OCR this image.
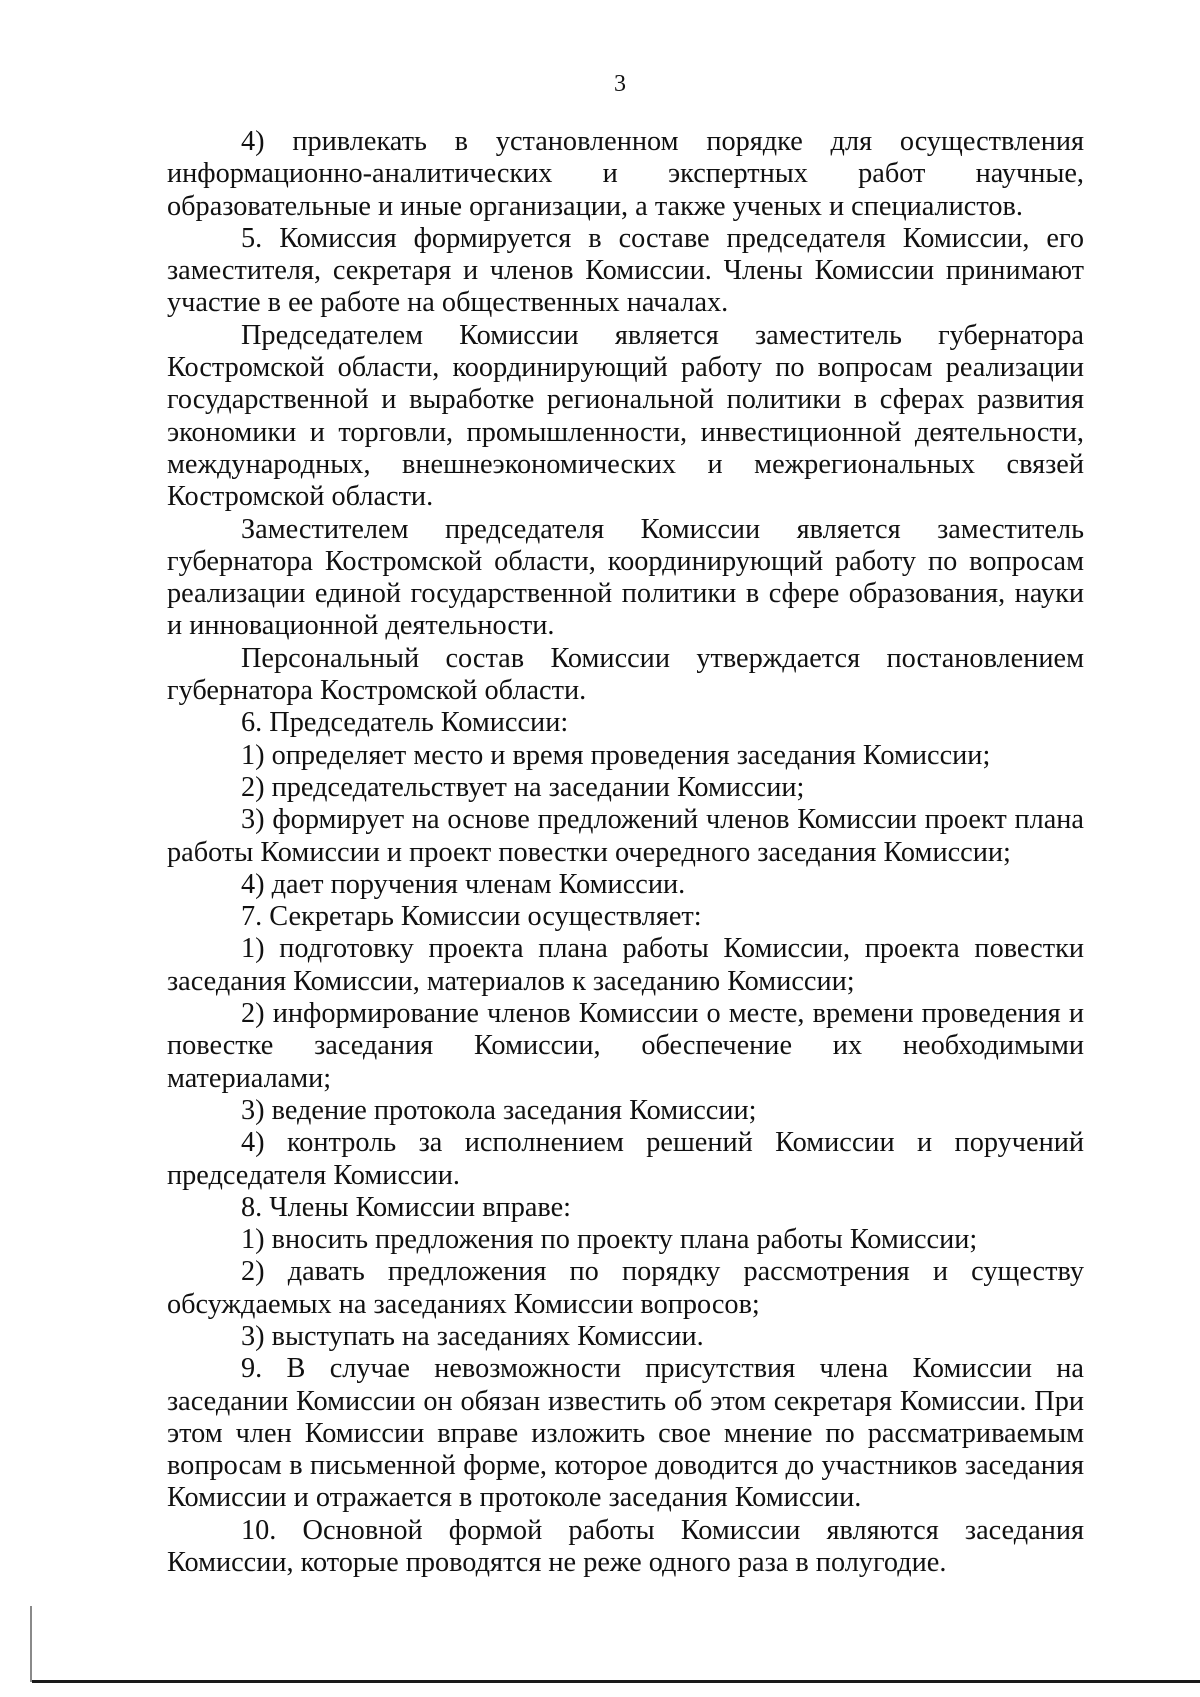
3

4) привлекать в установленном порядке для осуществления информационно-аналитических и экспертных работ научные, образовательные и иные организации, а также ученых и специалистов.

5. Комиссия формируется в составе председателя Комиссии, его заместителя, секретаря и членов Комиссии. Члены Комиссии принимают участие в ее работе на общественных началах.

Председателем Комиссии является заместитель губернатора Костромской области, координирующий работу по вопросам реализации государственной и выработке региональной политики в сферах развития экономики и торговли, промышленности, инвестиционной деятельности, международных, внешнеэкономических и межрегиональных связей Костромской области.

Заместителем председателя Комиссии является заместитель губернатора Костромской области, координирующий работу по вопросам реализации единой государственной политики в сфере образования, науки и инновационной деятельности.

Персональный состав Комиссии утверждается постановлением губернатора Костромской области.

6. Председатель Комиссии:

1) определяет место и время проведения заседания Комиссии;

2) председательствует на заседании Комиссии;

3) формирует на основе предложений членов Комиссии проект плана работы Комиссии и проект повестки очередного заседания Комиссии;

4) дает поручения членам Комиссии.

7. Секретарь Комиссии осуществляет:

1) подготовку проекта плана работы Комиссии, проекта повестки заседания Комиссии, материалов к заседанию Комиссии;

2) информирование членов Комиссии о месте, времени проведения и повестке заседания Комиссии, обеспечение их необходимыми материалами;

3) ведение протокола заседания Комиссии;

4) контроль за исполнением решений Комиссии и поручений председателя Комиссии.

8. Члены Комиссии вправе:

1) вносить предложения по проекту плана работы Комиссии;

2) давать предложения по порядку рассмотрения и существу обсуждаемых на заседаниях Комиссии вопросов;

3) выступать на заседаниях Комиссии.

9. В случае невозможности присутствия члена Комиссии на заседании Комиссии он обязан известить об этом секретаря Комиссии. При этом член Комиссии вправе изложить свое мнение по рассматриваемым вопросам в письменной форме, которое доводится до участников заседания Комиссии и отражается в протоколе заседания Комиссии.

10. Основной формой работы Комиссии являются заседания Комиссии, которые проводятся не реже одного раза в полугодие.
